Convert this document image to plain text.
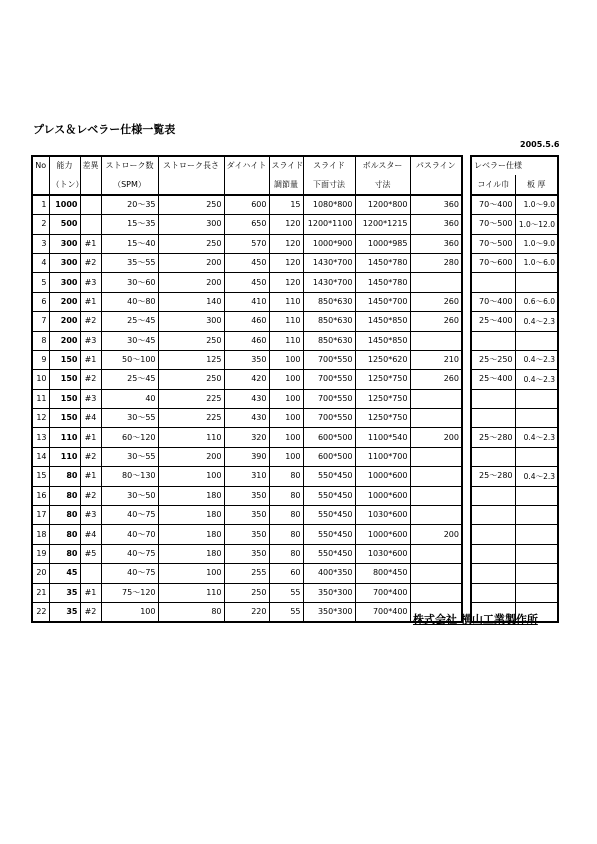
プレス＆レベラー仕様一覧表
2005.5.6
No	能力	差異	ストローク数	ストローク長さ	ダイハイト	スライド	スライド	ボルスター	パスライン
	（トン）		（SPM）			調節量	下面寸法	寸法	
1	1000		20～35	250	600	15	1080*800	1200*800	360
2	500		15～35	300	650	120	1200*1100	1200*1215	360
3	300	#1	15～40	250	570	120	1000*900	1000*985	360
4	300	#2	35～55	200	450	120	1430*700	1450*780	280
5	300	#3	30～60	200	450	120	1430*700	1450*780	
6	200	#1	40～80	140	410	110	850*630	1450*700	260
7	200	#2	25～45	300	460	110	850*630	1450*850	260
8	200	#3	30～45	250	460	110	850*630	1450*850	
9	150	#1	50～100	125	350	100	700*550	1250*620	210
10	150	#2	25～45	250	420	100	700*550	1250*750	260
11	150	#3	40	225	430	100	700*550	1250*750	
12	150	#4	30～55	225	430	100	700*550	1250*750	
13	110	#1	60～120	110	320	100	600*500	1100*540	200
14	110	#2	30～55	200	390	100	600*500	1100*700	
15	80	#1	80～130	100	310	80	550*450	1000*600	
16	80	#2	30～50	180	350	80	550*450	1000*600	
17	80	#3	40～75	180	350	80	550*450	1030*600	
18	80	#4	40～70	180	350	80	550*450	1000*600	200
19	80	#5	40～75	180	350	80	550*450	1030*600	
20	45		40～75	100	255	60	400*350	800*450	
21	35	#1	75～120	110	250	55	350*300	700*400	
22	35	#2	100	80	220	55	350*300	700*400	
レベラー仕様	
コイル巾	板 厚
70～400	1.0～9.0
70～500	1.0～12.0
70～500	1.0～9.0
70～600	1.0～6.0

70～400	0.6～6.0
25～400	0.4～2.3

25～250	0.4～2.3
25～400	0.4～2.3

25～280	0.4～2.3

25～280	0.4～2.3

株式会社 横山工業製作所
